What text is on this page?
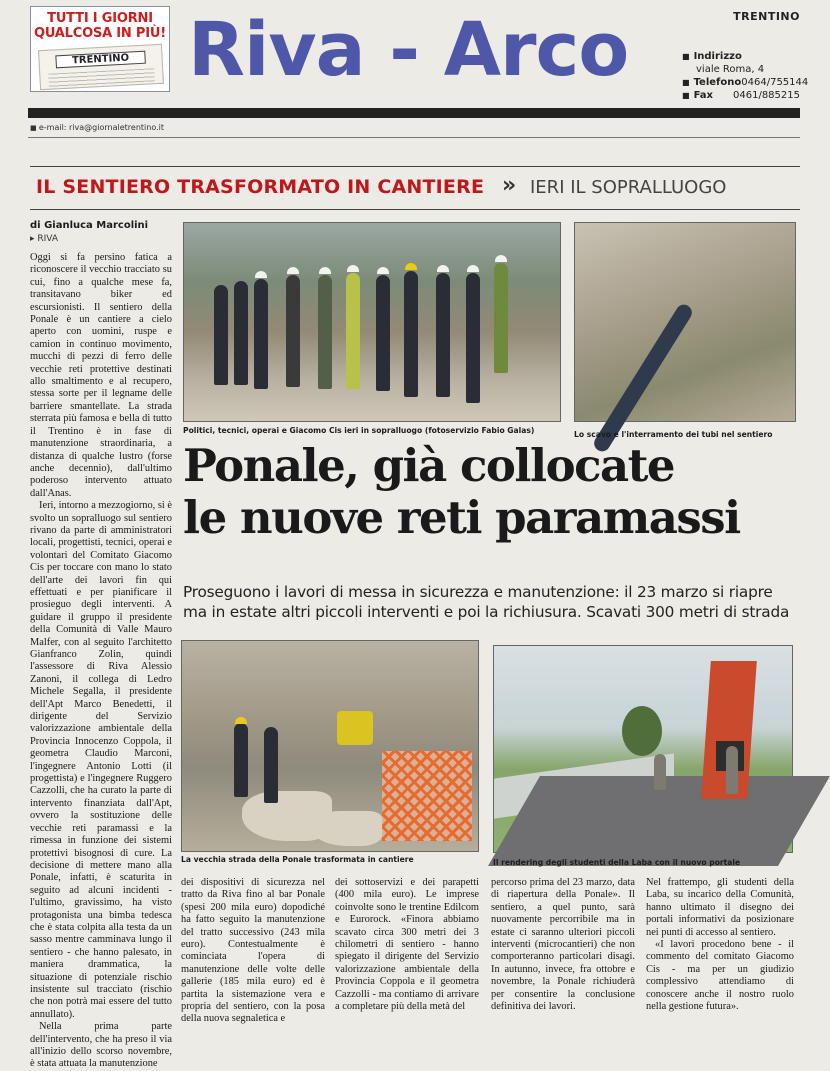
TUTTI I GIORNI
QUALCOSA IN PIÙ!
TRENTINO Riva - Arco	TRENTINO
■ Indirizzo
viale Roma, 4
■ Telefono 0464/755144
■ Fax 0461/885215
■ e-mail: riva@giornaletrentino.it
IL SENTIERO TRASFORMATO IN CANTIERE » IERI IL SOPRALLUOGO
di Gianluca Marcolini
▸ RIVA

Oggi si fa persino fatica a riconoscere il vecchio tracciato su cui, fino a qualche mese fa, transitavano biker ed escursionisti. Il sentiero della Ponale è un cantiere a cielo aperto con uomini, ruspe e camion in continuo movimento, mucchi di pezzi di ferro delle vecchie reti protettive destinati allo smaltimento e al recupero, stessa sorte per il legname delle barriere smantellate. La strada sterrata più famosa e bella di tutto il Trentino è in fase di manutenzione straordinaria, a distanza di qualche lustro (forse anche decennio), dall'ultimo poderoso intervento attuato dall'Anas.

Ieri, intorno a mezzogiorno, si è svolto un sopralluogo sul sentiero rivano da parte di amministratori locali, progettisti, tecnici, operai e volontari del Comitato Giacomo Cis per toccare con mano lo stato dell'arte dei lavori fin qui effettuati e per pianificare il prosieguo degli interventi. A guidare il gruppo il presidente della Comunità di Valle Mauro Malfer, con al seguito l'architetto Gianfranco Zolin, quindi l'assessore di Riva Alessio Zanoni, il collega di Ledro Michele Segalla, il presidente dell'Apt Marco Benedetti, il dirigente del Servizio valorizzazione ambientale della Provincia Innocenzo Coppola, il geometra Claudio Marconi, l'ingegnere Antonio Lotti (il progettista) e l'ingegnere Ruggero Cazzolli, che ha curato la parte di intervento finanziata dall'Apt, ovvero la sostituzione delle vecchie reti paramassi e la rimessa in funzione dei sistemi protettivi bisognosi di cure. La decisione di mettere mano alla Ponale, infatti, è scaturita in seguito ad alcuni incidenti - l'ultimo, gravissimo, ha visto protagonista una bimba tedesca che è stata colpita alla testa da un sasso mentre camminava lungo il sentiero - che hanno palesato, in maniera drammatica, la situazione di potenziale rischio insistente sul tracciato (rischio che non potrà mai essere del tutto annullato).

Nella prima parte dell'intervento, che ha preso il via all'inizio dello scorso novembre, è stata attuata la manutenzione

Politici, tecnici, operai e Giacomo Cis ieri in sopralluogo (fotoservizio Fabio Galas)	Lo scavo e l'interramento dei tubi nel sentiero
Ponale, già collocate
le nuove reti paramassi
Proseguono i lavori di messa in sicurezza e manutenzione: il 23 marzo si riapre ma in estate altri piccoli interventi e poi la richiusura. Scavati 300 metri di strada
La vecchia strada della Ponale trasformata in cantiere	Il rendering degli studenti della Laba con il nuovo portale

dei dispositivi di sicurezza nel tratto da Riva fino al bar Ponale (spesi 200 mila euro) dopodiché ha fatto seguito la manutenzione del tratto successivo (243 mila euro). Contestualmente è cominciata l'opera di manutenzione delle volte delle gallerie (185 mila euro) ed è partita la sistemazione vera e propria del sentiero, con la posa della nuova segnaletica e

dei sottoservizi e dei parapetti (400 mila euro). Le imprese coinvolte sono le trentine Edilcom e Eurorock. «Finora abbiamo scavato circa 300 metri dei 3 chilometri di sentiero - hanno spiegato il dirigente del Servizio valorizzazione ambientale della Provincia Coppola e il geometra Cazzolli - ma contiamo di arrivare a completare più della metà del

percorso prima del 23 marzo, data di riapertura della Ponale». Il sentiero, a quel punto, sarà nuovamente percorribile ma in estate ci saranno ulteriori piccoli interventi (microcantieri) che non comporteranno particolari disagi. In autunno, invece, fra ottobre e novembre, la Ponale richiuderà per consentire la conclusione definitiva dei lavori.

Nel frattempo, gli studenti della Laba, su incarico della Comunità, hanno ultimato il disegno dei portali informativi da posizionare nei punti di accesso al sentiero.

«I lavori procedono bene - il commento del comitato Giacomo Cis - ma per un giudizio complessivo attendiamo di conoscere anche il nostro ruolo nella gestione futura».
